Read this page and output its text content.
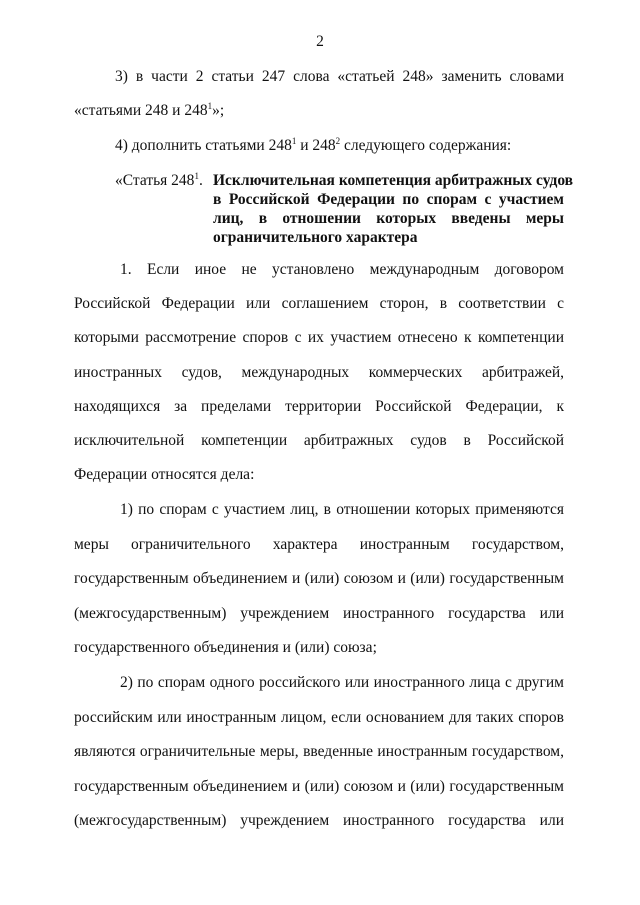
2
3) в части 2 статьи 247 слова «статьей 248» заменить словами
«статьями 248 и $248^1$»;
4) дополнить статьями $248^1$ и $248^2$ следующего содержания:
«Статья $248^1$. Исключительная компетенция арбитражных судов
в Российской Федерации по спорам с участием
лиц, в отношении которых введены меры
ограничительного характера
1. Если иное не установлено международным договором
Российской Федерации или соглашением сторон, в соответствии с
которыми рассмотрение споров с их участием отнесено к компетенции
иностранных судов, международных коммерческих арбитражей,
находящихся за пределами территории Российской Федерации, к
исключительной компетенции арбитражных судов в Российской
Федерации относятся дела:
1) по спорам с участием лиц, в отношении которых применяются
меры ограничительного характера иностранным государством,
государственным объединением и (или) союзом и (или) государственным
(межгосударственным) учреждением иностранного государства или
государственного объединения и (или) союза;
2) по спорам одного российского или иностранного лица с другим
российским или иностранным лицом, если основанием для таких споров
являются ограничительные меры, введенные иностранным государством,
государственным объединением и (или) союзом и (или) государственным
(межгосударственным) учреждением иностранного государства или
